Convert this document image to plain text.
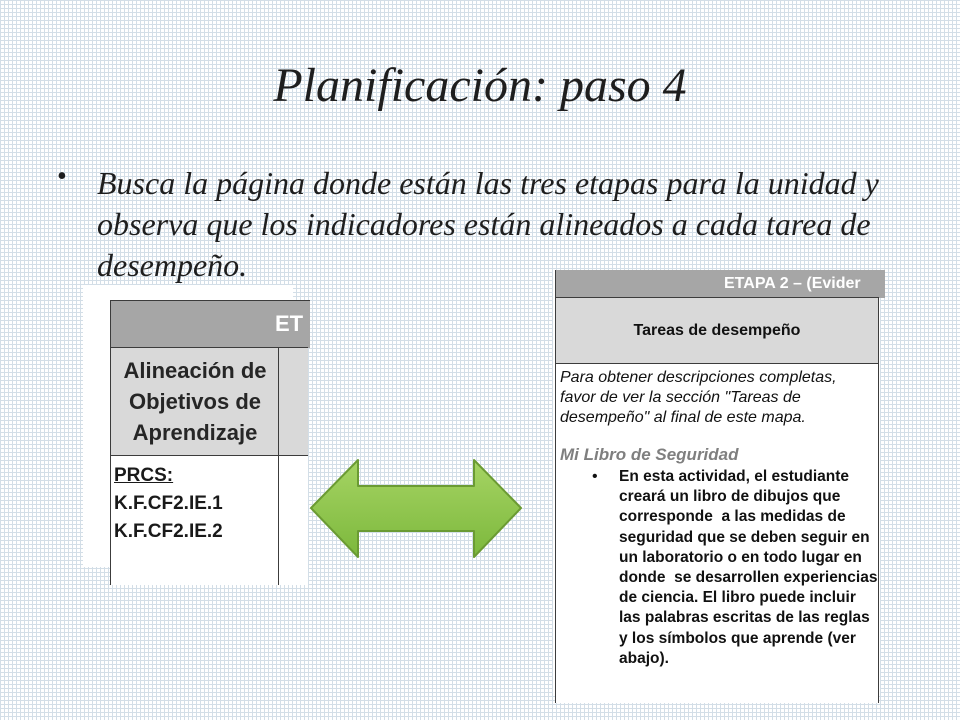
Planificación: paso 4
• Busca la página donde están las tres etapas para la unidad y observa que los indicadores están alineados a cada tarea de desempeño.
ET
Alineación de Objetivos de Aprendizaje
PRCS:
K.F.CF2.IE.1
K.F.CF2.IE.2
ETAPA 2 – (Evider
Tareas de desempeño
Para obtener descripciones completas,
favor de ver la sección "Tareas de
desempeño" al final de este mapa.
Mi Libro de Seguridad
• En esta actividad, el estudiante
creará un libro de dibujos que
corresponde  a las medidas de
seguridad que se deben seguir en
un laboratorio o en todo lugar en
donde  se desarrollen experiencias
de ciencia. El libro puede incluir
las palabras escritas de las reglas
y los símbolos que aprende (ver
abajo).
